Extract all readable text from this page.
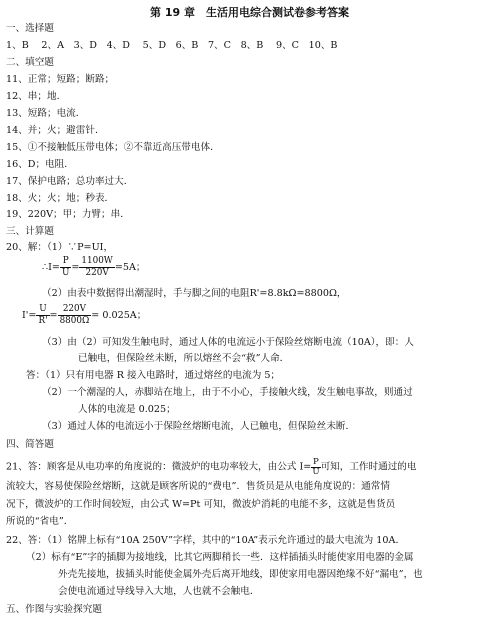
第 19 章　生活用电综合测试卷参考答案
一、选择题
1、B　 2、A　3、D　4、D　 5、D　6、B　7、C　8、B　 9、C　10、B
二、填空题
11、正常；短路；断路；
12、串；地．
13、短路；电流．
14、并；火；避雷针．
15、①不接触低压带电体；②不靠近高压带电体．
16、D；电阻．
17、保护电路；总功率过大．
18、火；火；地；秒表．
19、220V；甲；力臂；串．
三、计算题
20、解：（1）∵P=UI，
∴I= $\frac{P}{U} = \frac{1100W}{220V} =5A$；
（2）由表中数据得出潮湿时，手与脚之间的电阻R'=8.8kΩ=8800Ω，
$I'= \frac{U}{R'} = \frac{220V}{8800\Omega} = 0.025A$；
（3）由（2）可知发生触电时，通过人体的电流远小于保险丝熔断电流（10A），即：人
已触电，但保险丝未断，所以熔丝不会“救”人命．
答：（1）只有用电器 R 接入电路时，通过熔丝的电流为 5；
（2）一个潮湿的人，赤脚站在地上，由于不小心，手接触火线，发生触电事故，则通过
人体的电流是 0.025；
（3）通过人体的电流远小于保险丝熔断电流，人已触电，但保险丝未断．
四、简答题
21、答：顾客是从电功率的角度说的：微波炉的电功率较大，由公式 $I= \frac{P}{U}$ 可知，工作时通过的电
流较大，容易使保险丝熔断，这就是顾客所说的“费电”．售货员是从电能角度说的：通常情
况下，微波炉的工作时间较短，由公式 W=Pt 可知，微波炉消耗的电能不多，这就是售货员
所说的“省电”．
22、答：（1）铭牌上标有“10A 250V”字样，其中的“10A”表示允许通过的最大电流为 10A．
（2）标有“E”字的插脚为接地线，比其它两脚稍长一些．这样插插头时能使家用电器的金属
外壳先接地，拔插头时能使金属外壳后离开地线，即使家用电器因绝缘不好“漏电”，也
会使电流通过导线导入大地，人也就不会触电．
五、作图与实验探究题
